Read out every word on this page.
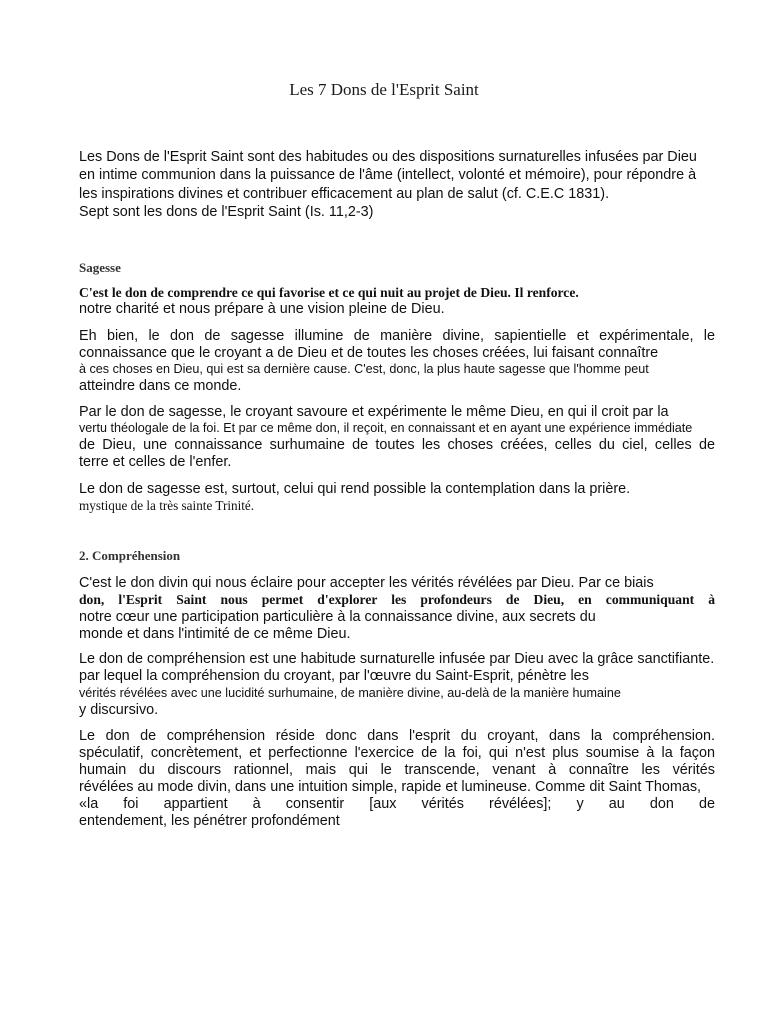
Les 7 Dons de l'Esprit Saint
Les Dons de l'Esprit Saint sont des habitudes ou des dispositions surnaturelles infusées par Dieu
en intime communion dans la puissance de l'âme (intellect, volonté et mémoire), pour répondre à
les inspirations divines et contribuer efficacement au plan de salut (cf. C.E.C 1831).
Sept sont les dons de l'Esprit Saint (Is. 11,2-3)
Sagesse
C'est le don de comprendre ce qui favorise et ce qui nuit au projet de Dieu. Il renforce.
notre charité et nous prépare à une vision pleine de Dieu.
Eh bien, le don de sagesse illumine de manière divine, sapientielle et expérimentale, le
connaissance que le croyant a de Dieu et de toutes les choses créées, lui faisant connaître
à ces choses en Dieu, qui est sa dernière cause. C'est, donc, la plus haute sagesse que l'homme peut
atteindre dans ce monde.
Par le don de sagesse, le croyant savoure et expérimente le même Dieu, en qui il croit par la
vertu théologale de la foi. Et par ce même don, il reçoit, en connaissant et en ayant une expérience immédiate
de Dieu, une connaissance surhumaine de toutes les choses créées, celles du ciel, celles de
terre et celles de l'enfer.
Le don de sagesse est, surtout, celui qui rend possible la contemplation dans la prière.
mystique de la très sainte Trinité.
2. Compréhension
C'est le don divin qui nous éclaire pour accepter les vérités révélées par Dieu. Par ce biais
don, l'Esprit Saint nous permet d'explorer les profondeurs de Dieu, en communiquant à
notre cœur une participation particulière à la connaissance divine, aux secrets du
monde et dans l'intimité de ce même Dieu.
Le don de compréhension est une habitude surnaturelle infusée par Dieu avec la grâce sanctifiante.
par lequel la compréhension du croyant, par l'œuvre du Saint-Esprit, pénètre les
vérités révélées avec une lucidité surhumaine, de manière divine, au-delà de la manière humaine
y discursivo.
Le don de compréhension réside donc dans l'esprit du croyant, dans la compréhension.
spéculatif, concrètement, et perfectionne l'exercice de la foi, qui n'est plus soumise à la façon
humain du discours rationnel, mais qui le transcende, venant à connaître les vérités
révélées au mode divin, dans une intuition simple, rapide et lumineuse. Comme dit Saint Thomas,
«la foi appartient à consentir [aux vérités révélées]; y au don de
entendement, les pénétrer profondément
